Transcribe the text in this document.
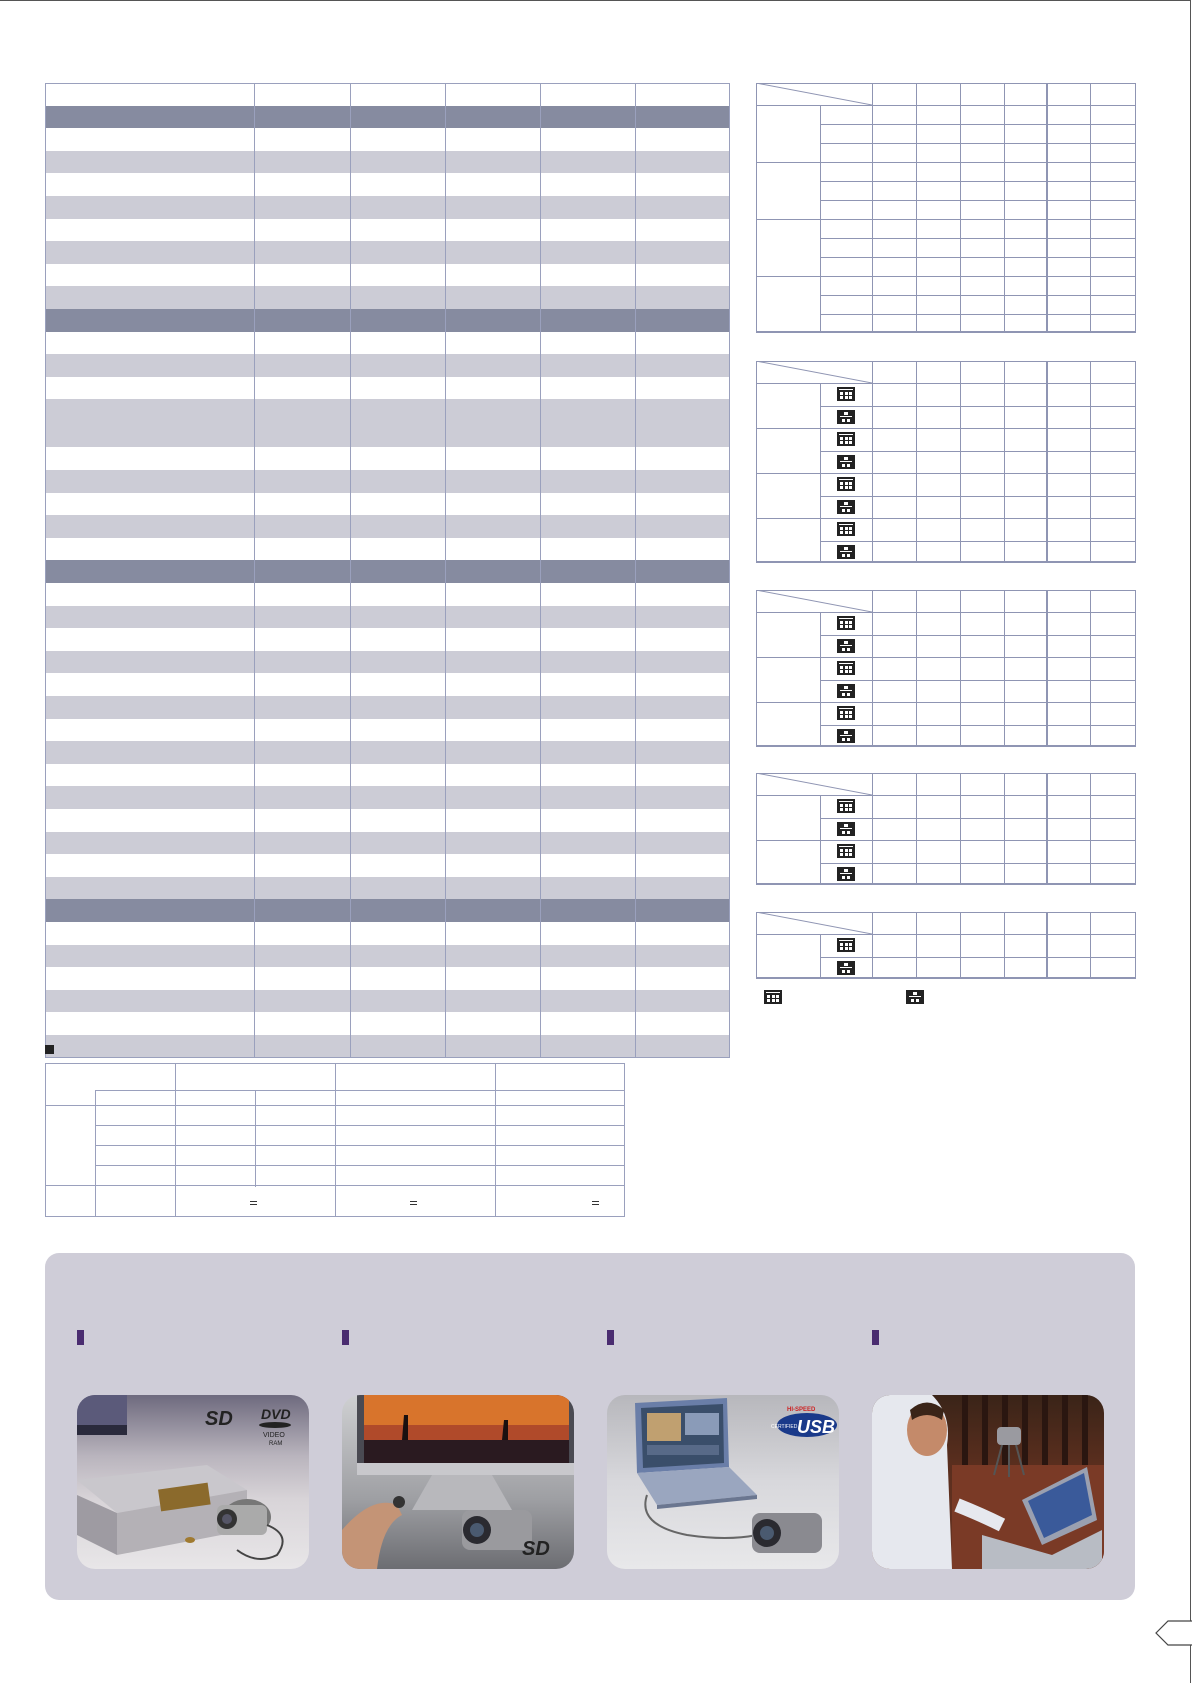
SD DVD
VIDEO
RAM
SD
HI-SPEED
CERTIFIED USB
